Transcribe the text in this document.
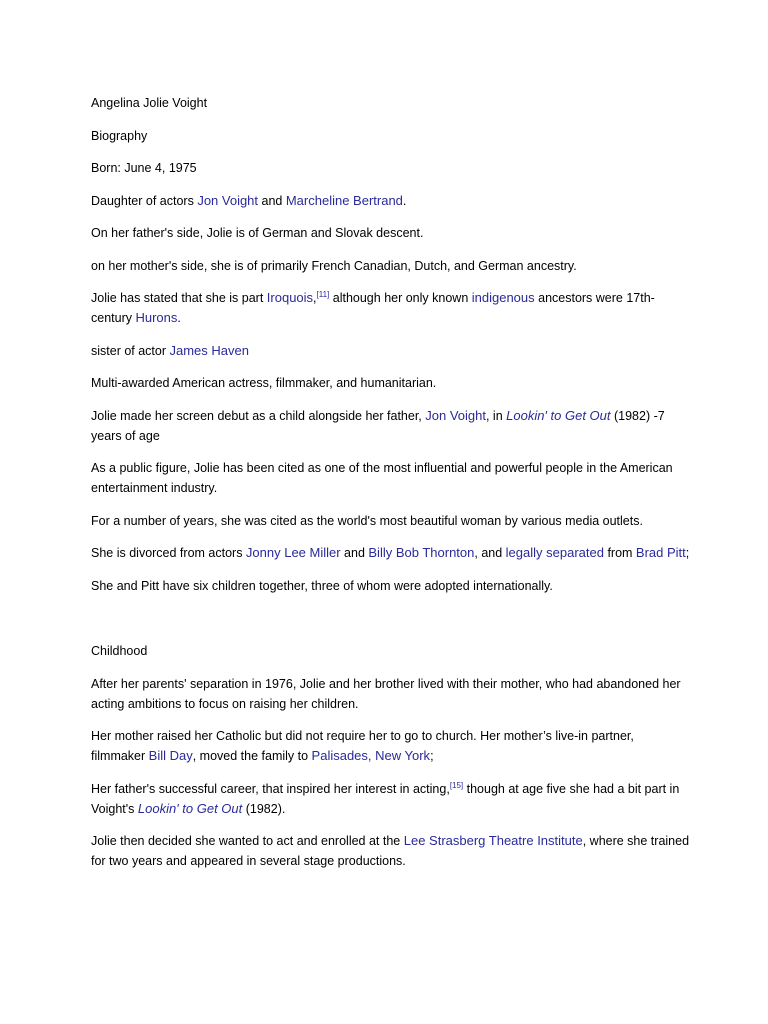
Angelina Jolie Voight

Biography

Born: June 4, 1975

Daughter of actors Jon Voight and Marcheline Bertrand.

On her father's side, Jolie is of German and Slovak descent.

on her mother's side, she is of primarily French Canadian, Dutch, and German ancestry.

Jolie has stated that she is part Iroquois,[11] although her only known indigenous ancestors were 17th-century Hurons.

sister of actor James Haven

Multi-awarded American actress, filmmaker, and humanitarian.

Jolie made her screen debut as a child alongside her father, Jon Voight, in Lookin' to Get Out (1982) -7 years of age

As a public figure, Jolie has been cited as one of the most influential and powerful people in the American entertainment industry.

For a number of years, she was cited as the world's most beautiful woman by various media outlets.

She is divorced from actors Jonny Lee Miller and Billy Bob Thornton, and legally separated from Brad Pitt;

She and Pitt have six children together, three of whom were adopted internationally.

Childhood

After her parents' separation in 1976, Jolie and her brother lived with their mother, who had abandoned her acting ambitions to focus on raising her children.

Her mother raised her Catholic but did not require her to go to church. Her mother’s live-in partner, filmmaker Bill Day, moved the family to Palisades, New York;

Her father's successful career, that inspired her interest in acting,[15] though at age five she had a bit part in Voight's Lookin' to Get Out (1982).

Jolie then decided she wanted to act and enrolled at the Lee Strasberg Theatre Institute, where she trained for two years and appeared in several stage productions.
